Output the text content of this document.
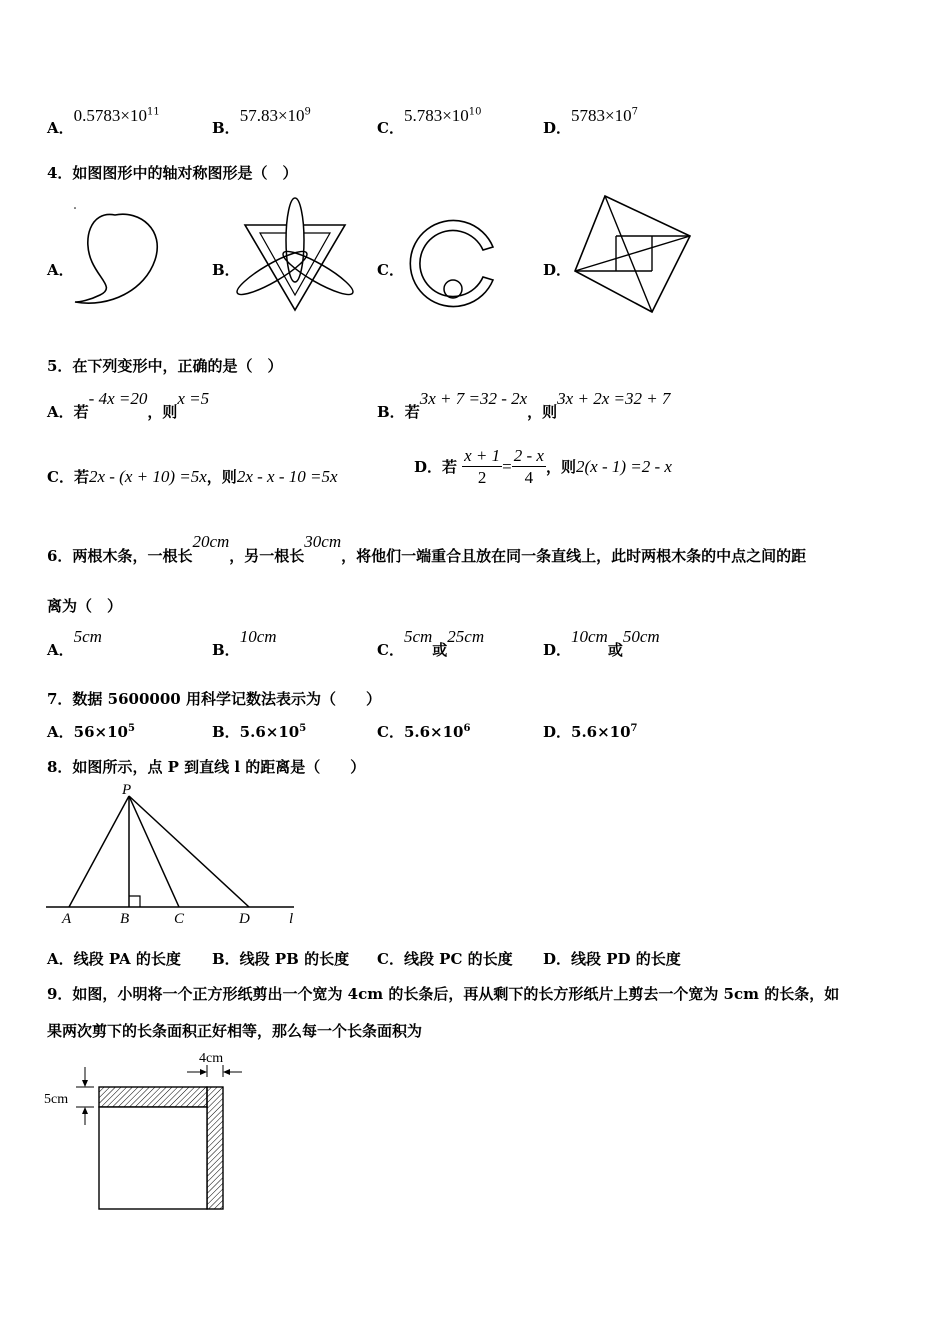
A．$0.5783\times 10^{11}$
B．$57.83\times 10^9$
C．$5.783\times 10^{10}$
D．$5783\times 10^7$
4．如图图形中的轴对称图形是（　）
A．	B．	C．	D．
5．在下列变形中，正确的是（　）
A．若- 4x =20，则x =5
B．若3x + 7 =32 - 2x，则3x + 2x =32 + 7
C．若2x - (x + 10) =5x，则2x - x - 10 =5x	D．若 $\frac{x + 1}{2} = \frac{2 - x}{4}$ ，则2(x - 1) =2 - x
6．两根木条，一根长20cm，另一根长30cm，将他们一端重合且放在同一条直线上，此时两根木条的中点之间的距
离为（　）
A．5cm
B．10cm
C．5cm或25cm
D．10cm或50cm
7．数据 5600000 用科学记数法表示为（　　）
A．$56\times 10^5$	B．$5.6\times 10^5$	C．$5.6\times 10^6$	D．$5.6\times 10^7$
8．如图所示，点 P 到直线 l 的距离是（　　）
P
A	B	C	D	l
A．线段 PA 的长度 B．线段 PB 的长度 C．线段 PC 的长度 D．线段 PD 的长度
9．如图，小明将一个正方形纸剪出一个宽为 4cm 的长条后，再从剩下的长方形纸片上剪去一个宽为 5cm 的长条，如
果两次剪下的长条面积正好相等，那么每一个长条面积为
4cm
5cm
